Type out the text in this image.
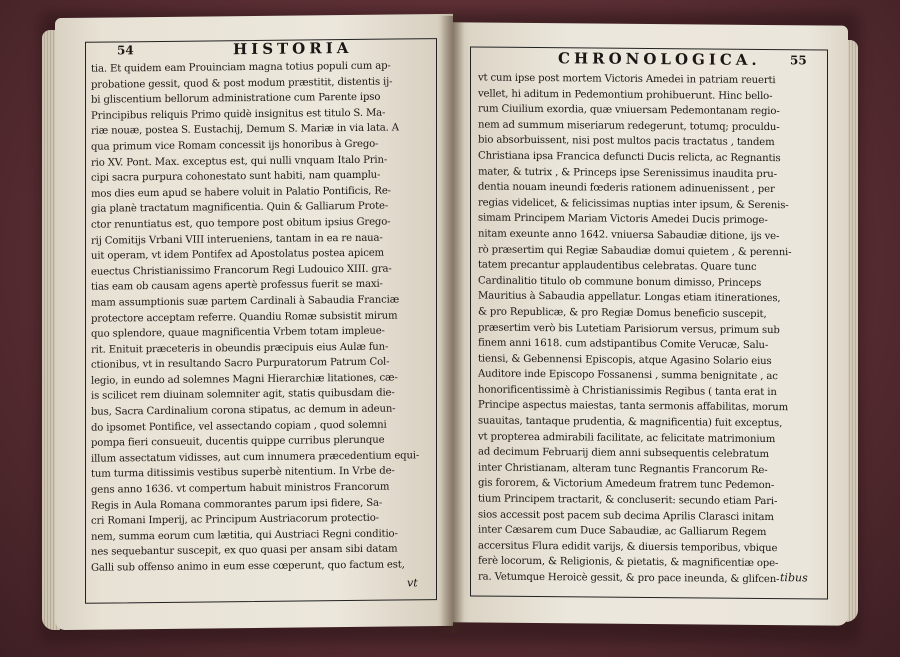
54	HISTORIA
tia. Et quidem eam Prouinciam magna totius populi cum ap-
probatione gessit, quod & post modum præstitit, distentis ij-
bi gliscentium bellorum administratione cum Parente ipso
Principibus reliquis Primo quidè insignitus est titulo S. Ma-
riæ nouæ, postea S. Eustachij, Demum S. Mariæ in via lata. A
qua primum vice Romam concessit ijs honoribus à Grego-
rio XV. Pont. Max. exceptus est, qui nulli vnquam Italo Prin-
cipi sacra purpura cohonestato sunt habiti, nam quamplu-
mos dies eum apud se habere voluit in Palatio Pontificis, Re-
gia planè tractatum magnificentia. Quin & Galliarum Prote-
ctor renuntiatus est, quo tempore post obitum ipsius Grego-
rij Comitijs Vrbani VIII interueniens, tantam in ea re naua-
uit operam, vt idem Pontifex ad Apostolatus postea apicem
euectus Christianissimo Francorum Regi Ludouico XIII. gra-
tias eam ob causam agens apertè professus fuerit se maxi-
mam assumptionis suæ partem Cardinali à Sabaudia Franciæ
protectore acceptam referre. Quandiu Romæ subsistit mirum
quo splendore, quaue magnificentia Vrbem totam impleue-
rit. Enituit præceteris in obeundis præcipuis eius Aulæ fun-
ctionibus, vt in resultando Sacro Purpuratorum Patrum Col-
legio, in eundo ad solemnes Magni Hierarchiæ litationes, cæ-
is scilicet rem diuinam solemniter agit, statis quibusdam die-
bus, Sacra Cardinalium corona stipatus, ac demum in adeun-
do ipsomet Pontifice, vel assectando copiam , quod solemni
pompa fieri consueuit, ducentis quippe curribus plerunque
illum assectatum vidisses, aut cum innumera præcedentium equi-
tum turma ditissimis vestibus superbè nitentium. In Vrbe de-
gens anno 1636. vt compertum habuit ministros Francorum
Regis in Aula Romana commorantes parum ipsi fidere, Sa-
cri Romani Imperij, ac Principum Austriacorum protectio-
nem, summa eorum cum lætitia, qui Austriaci Regni conditio-
nes sequebantur suscepit, ex quo quasi per ansam sibi datam
Galli sub offenso animo in eum esse cœperunt, quo factum est,
vt
CHRONOLOGICA. 55
vt cum ipse post mortem Victoris Amedei in patriam reuerti
vellet, hi aditum in Pedemontium prohibuerunt. Hinc bello-
rum Ciuilium exordia, quæ vniuersam Pedemontanam regio-
nem ad summum miseriarum redegerunt, totumq; proculdu-
bio absorbuissent, nisi post multos pacis tractatus , tandem
Christiana ipsa Francica defuncti Ducis relicta, ac Regnantis
mater, & tutrix , & Princeps ipse Serenissimus inaudita pru-
dentia nouam ineundi fœderis rationem adinuenissent , per
regias videlicet, & felicissimas nuptias inter ipsum, & Serenis-
simam Principem Mariam Victoris Amedei Ducis primoge-
nitam exeunte anno 1642. vniuersa Sabaudiæ ditione, ijs ve-
rò præsertim qui Regiæ Sabaudiæ domui quietem , & perenni-
tatem precantur applaudentibus celebratas. Quare tunc
Cardinalitio titulo ob commune bonum dimisso, Princeps
Mauritius à Sabaudia appellatur. Longas etiam itinerationes,
& pro Republicæ, & pro Regiæ Domus beneficio suscepit,
præsertim verò bis Lutetiam Parisiorum versus, primum sub
finem anni 1618. cum adstipantibus Comite Verucæ, Salu-
tiensi, & Gebennensi Episcopis, atque Agasino Solario eius
Auditore inde Episcopo Fossanensi , summa benignitate , ac
honorificentissimè à Christianissimis Regibus ( tanta erat in
Principe aspectus maiestas, tanta sermonis affabilitas, morum
suauitas, tantaque prudentia, & magnificentia) fuit exceptus,
vt propterea admirabili facilitate, ac felicitate matrimonium
ad decimum Februarij diem anni subsequentis celebratum
inter Christianam, alteram tunc Regnantis Francorum Re-
gis fororem, & Victorium Amedeum fratrem tunc Pedemon-
tium Principem tractarit, & concluserit: secundo etiam Pari-
sios accessit post pacem sub decima Aprilis Clarasci initam
inter Cæsarem cum Duce Sabaudiæ, ac Galliarum Regem
accersitus Flura edidit varijs, & diuersis temporibus, vbique
ferè locorum, & Religionis, & pietatis, & magnificentiæ ope-
ra. Vetumque Heroicè gessit, & pro pace ineunda, & glifcen- tibus
